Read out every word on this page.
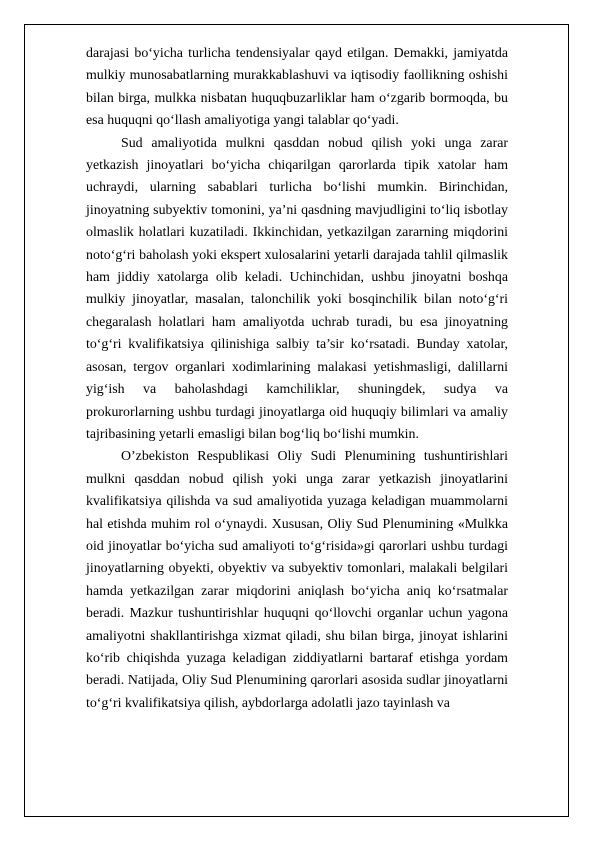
darajasi bo‘yicha turlicha tendensiyalar qayd etilgan. Demakki, jamiyatda mulkiy munosabatlarning murakkablashuvi va iqtisodiy faollikning oshishi bilan birga, mulkka nisbatan huquqbuzarliklar ham o‘zgarib bormoqda, bu esa huquqni qo‘llash amaliyotiga yangi talablar qo‘yadi.

Sud amaliyotida mulkni qasddan nobud qilish yoki unga zarar yetkazish jinoyatlari bo‘yicha chiqarilgan qarorlarda tipik xatolar ham uchraydi, ularning sabablari turlicha bo‘lishi mumkin. Birinchidan, jinoyatning subyektiv tomonini, ya’ni qasdning mavjudligini to‘liq isbotlay olmaslik holatlari kuzatiladi. Ikkinchidan, yetkazilgan zararning miqdorini noto‘g‘ri baholash yoki ekspert xulosalarini yetarli darajada tahlil qilmaslik ham jiddiy xatolarga olib keladi. Uchinchidan, ushbu jinoyatni boshqa mulkiy jinoyatlar, masalan, talonchilik yoki bosqinchilik bilan noto‘g‘ri chegaralash holatlari ham amaliyotda uchrab turadi, bu esa jinoyatning to‘g‘ri kvalifikatsiya qilinishiga salbiy ta’sir ko‘rsatadi. Bunday xatolar, asosan, tergov organlari xodimlarining malakasi yetishmasligi, dalillarni yig‘ish va baholashdagi kamchiliklar, shuningdek, sudya va prokurorlarning ushbu turdagi jinoyatlarga oid huquqiy bilimlari va amaliy tajribasining yetarli emasligi bilan bog‘liq bo‘lishi mumkin.

O’zbekiston Respublikasi Oliy Sudi Plenumining tushuntirishlari mulkni qasddan nobud qilish yoki unga zarar yetkazish jinoyatlarini kvalifikatsiya qilishda va sud amaliyotida yuzaga keladigan muammolarni hal etishda muhim rol o‘ynaydi. Xususan, Oliy Sud Plenumining «Mulkka oid jinoyatlar bo‘yicha sud amaliyoti to‘g‘risida»gi qarorlari ushbu turdagi jinoyatlarning obyekti, obyektiv va subyektiv tomonlari, malakali belgilari hamda yetkazilgan zarar miqdorini aniqlash bo‘yicha aniq ko‘rsatmalar beradi. Mazkur tushuntirishlar huquqni qo‘llovchi organlar uchun yagona amaliyotni shakllantirishga xizmat qiladi, shu bilan birga, jinoyat ishlarini ko‘rib chiqishda yuzaga keladigan ziddiyatlarni bartaraf etishga yordam beradi. Natijada, Oliy Sud Plenumining qarorlari asosida sudlar jinoyatlarni to‘g‘ri kvalifikatsiya qilish, aybdorlarga adolatli jazo tayinlash va
